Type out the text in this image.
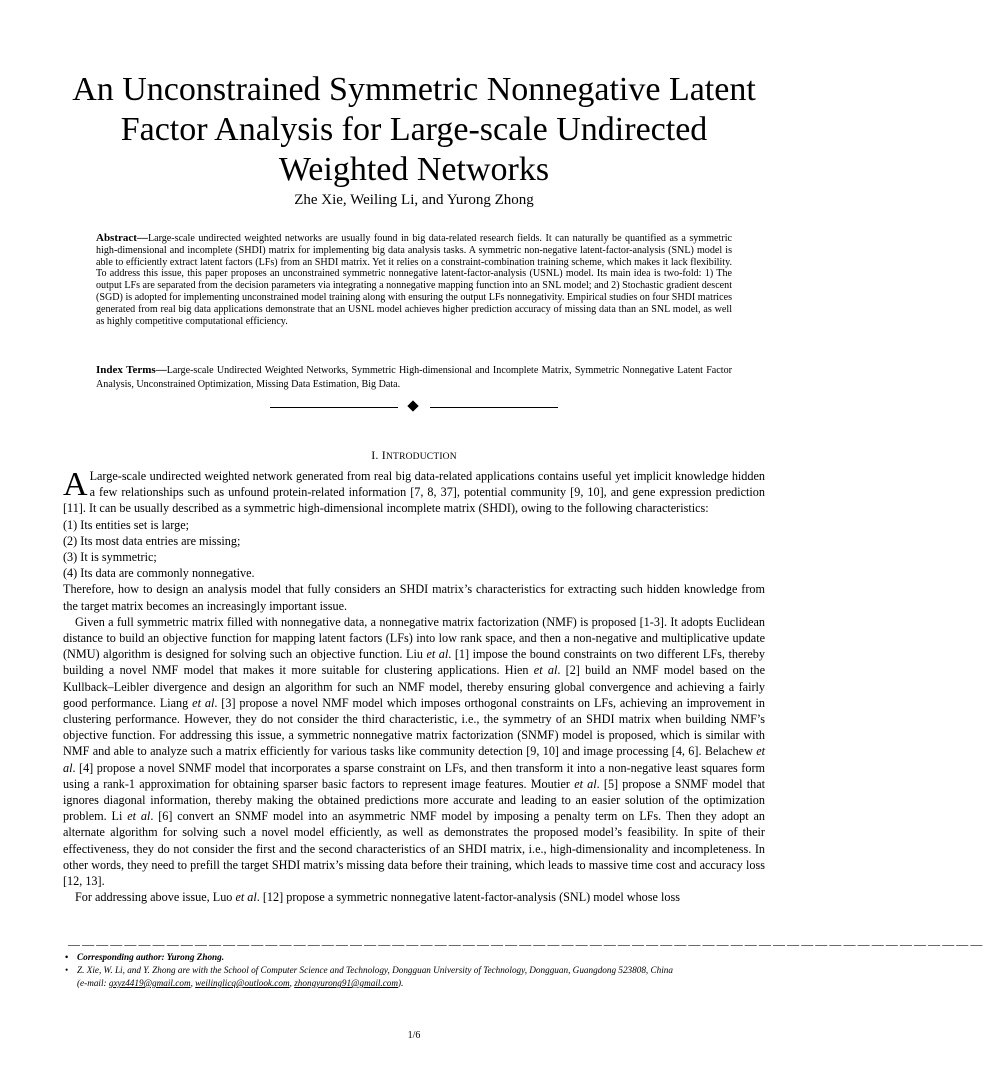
An Unconstrained Symmetric Nonnegative Latent Factor Analysis for Large-scale Undirected Weighted Networks
Zhe Xie, Weiling Li, and Yurong Zhong
Abstract—Large-scale undirected weighted networks are usually found in big data-related research fields. It can naturally be quantified as a symmetric high-dimensional and incomplete (SHDI) matrix for implementing big data analysis tasks. A symmetric non-negative latent-factor-analysis (SNL) model is able to efficiently extract latent factors (LFs) from an SHDI matrix. Yet it relies on a constraint-combination training scheme, which makes it lack flexibility. To address this issue, this paper proposes an unconstrained symmetric nonnegative latent-factor-analysis (USNL) model. Its main idea is two-fold: 1) The output LFs are separated from the decision parameters via integrating a nonnegative mapping function into an SNL model; and 2) Stochastic gradient descent (SGD) is adopted for implementing unconstrained model training along with ensuring the output LFs nonnegativity. Empirical studies on four SHDI matrices generated from real big data applications demonstrate that an USNL model achieves higher prediction accuracy of missing data than an SNL model, as well as highly competitive computational efficiency.
Index Terms—Large-scale Undirected Weighted Networks, Symmetric High-dimensional and Incomplete Matrix, Symmetric Nonnegative Latent Factor Analysis, Unconstrained Optimization, Missing Data Estimation, Big Data.
I. INTRODUCTION

A Large-scale undirected weighted network generated from real big data-related applications contains useful yet implicit knowledge hidden a few relationships such as unfound protein-related information [7, 8, 37], potential community [9, 10], and gene expression prediction [11]. It can be usually described as a symmetric high-dimensional incomplete matrix (SHDI), owing to the following characteristics:

(1) Its entities set is large;
(2) Its most data entries are missing;
(3) It is symmetric;
(4) Its data are commonly nonnegative.

Therefore, how to design an analysis model that fully considers an SHDI matrix’s characteristics for extracting such hidden knowledge from the target matrix becomes an increasingly important issue.

Given a full symmetric matrix filled with nonnegative data, a nonnegative matrix factorization (NMF) is proposed [1-3]. It adopts Euclidean distance to build an objective function for mapping latent factors (LFs) into low rank space, and then a non-negative and multiplicative update (NMU) algorithm is designed for solving such an objective function. Liu et al. [1] impose the bound constraints on two different LFs, thereby building a novel NMF model that makes it more suitable for clustering applications. Hien et al. [2] build an NMF model based on the Kullback–Leibler divergence and design an algorithm for such an NMF model, thereby ensuring global convergence and achieving a fairly good performance. Liang et al. [3] propose a novel NMF model which imposes orthogonal constraints on LFs, achieving an improvement in clustering performance. However, they do not consider the third characteristic, i.e., the symmetry of an SHDI matrix when building NMF’s objective function. For addressing this issue, a symmetric nonnegative matrix factorization (SNMF) model is proposed, which is similar with NMF and able to analyze such a matrix efficiently for various tasks like community detection [9, 10] and image processing [4, 6]. Belachew et al. [4] propose a novel SNMF model that incorporates a sparse constraint on LFs, and then transform it into a non-negative least squares form using a rank-1 approximation for obtaining sparser basic factors to represent image features. Moutier et al. [5] propose a SNMF model that ignores diagonal information, thereby making the obtained predictions more accurate and leading to an easier solution of the optimization problem. Li et al. [6] convert an SNMF model into an asymmetric NMF model by imposing a penalty term on LFs. Then they adopt an alternate algorithm for solving such a novel model efficiently, as well as demonstrates the proposed model’s feasibility. In spite of their effectiveness, they do not consider the first and the second characteristics of an SHDI matrix, i.e., high-dimensionality and incompleteness. In other words, they need to prefill the target SHDI matrix’s missing data before their training, which leads to massive time cost and accuracy loss [12, 13].

For addressing above issue, Luo et al. [12] propose a symmetric nonnegative latent-factor-analysis (SNL) model whose loss

—————————————————————————————————————————————————————————————————
• Corresponding author: Yurong Zhong.
• Z. Xie, W. Li, and Y. Zhong are with the School of Computer Science and Technology, Dongguan University of Technology, Dongguan, Guangdong 523808, China
(e-mail: gxyz4419@gmail.com, weilinglicq@outlook.com, zhongyurong91@gmail.com).
1/6
